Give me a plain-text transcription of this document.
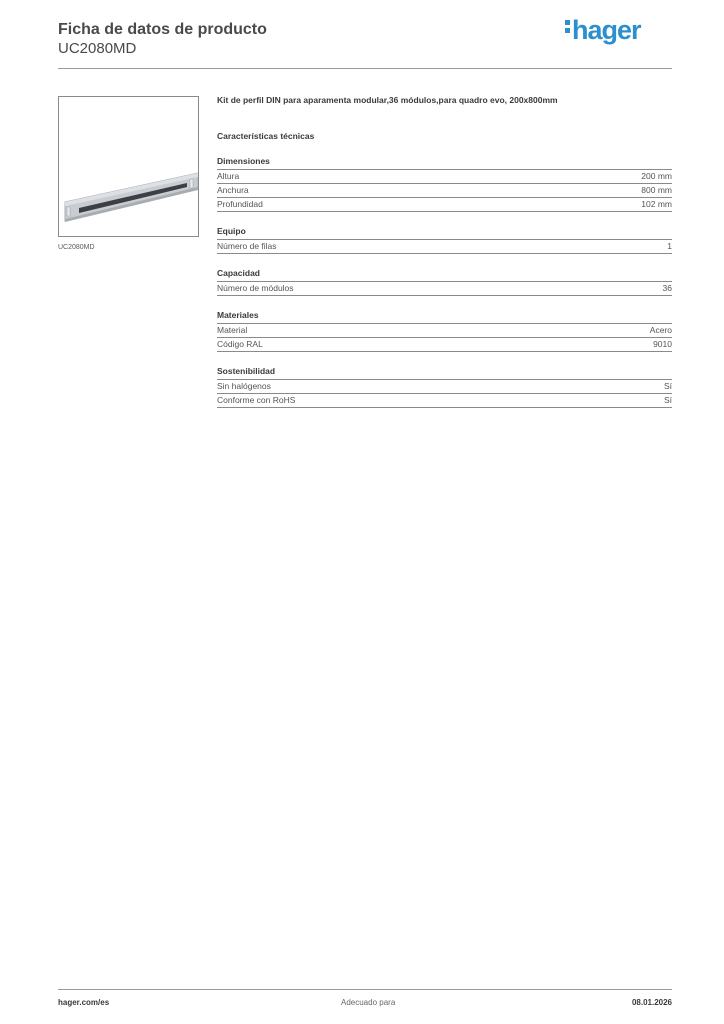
Ficha de datos de producto
UC2080MD
hager
UC2080MD
Kit de perfil DIN para aparamenta modular,36 módulos,para quadro evo, 200x800mm
Características técnicas
Dimensiones
Altura	200 mm
Anchura	800 mm
Profundidad	102 mm
Equipo
Número de filas	1
Capacidad
Número de módulos	36
Materiales
Material	Acero
Código RAL	9010
Sostenibilidad
Sin halógenos	Sí
Conforme con RoHS	Sí
hager.com/es	Adecuado para	08.01.2026
